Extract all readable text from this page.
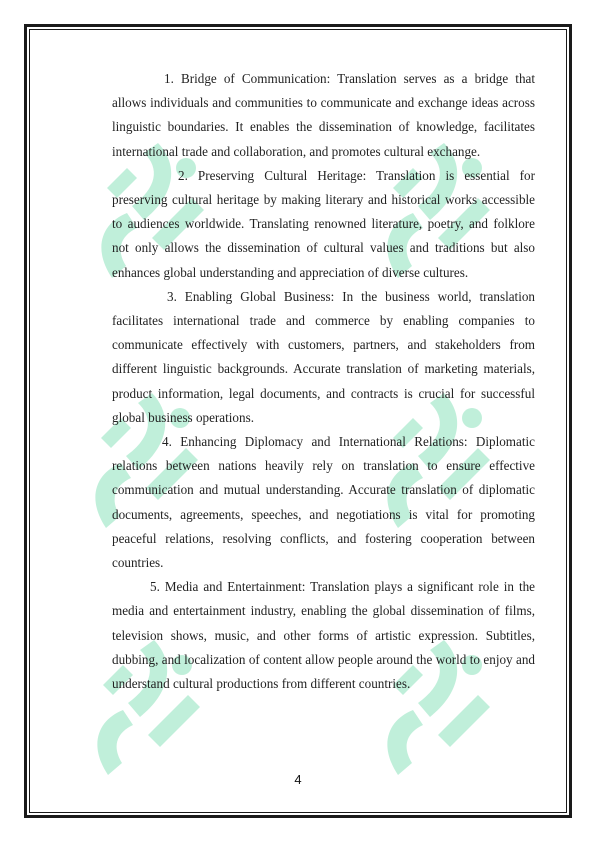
1. Bridge of Communication: Translation serves as a bridge that allows individuals and communities to communicate and exchange ideas across linguistic boundaries. It enables the dissemination of knowledge, facilitates international trade and collaboration, and promotes cultural exchange.

2. Preserving Cultural Heritage: Translation is essential for preserving cultural heritage by making literary and historical works accessible to audiences worldwide. Translating renowned literature, poetry, and folklore not only allows the dissemination of cultural values and traditions but also enhances global understanding and appreciation of diverse cultures.

3. Enabling Global Business: In the business world, translation facilitates international trade and commerce by enabling companies to communicate effectively with customers, partners, and stakeholders from different linguistic backgrounds. Accurate translation of marketing materials, product information, legal documents, and contracts is crucial for successful global business operations.

4. Enhancing Diplomacy and International Relations: Diplomatic relations between nations heavily rely on translation to ensure effective communication and mutual understanding. Accurate translation of diplomatic documents, agreements, speeches, and negotiations is vital for promoting peaceful relations, resolving conflicts, and fostering cooperation between countries.

5. Media and Entertainment: Translation plays a significant role in the media and entertainment industry, enabling the global dissemination of films, television shows, music, and other forms of artistic expression. Subtitles, dubbing, and localization of content allow people around the world to enjoy and understand cultural productions from different countries.

4
